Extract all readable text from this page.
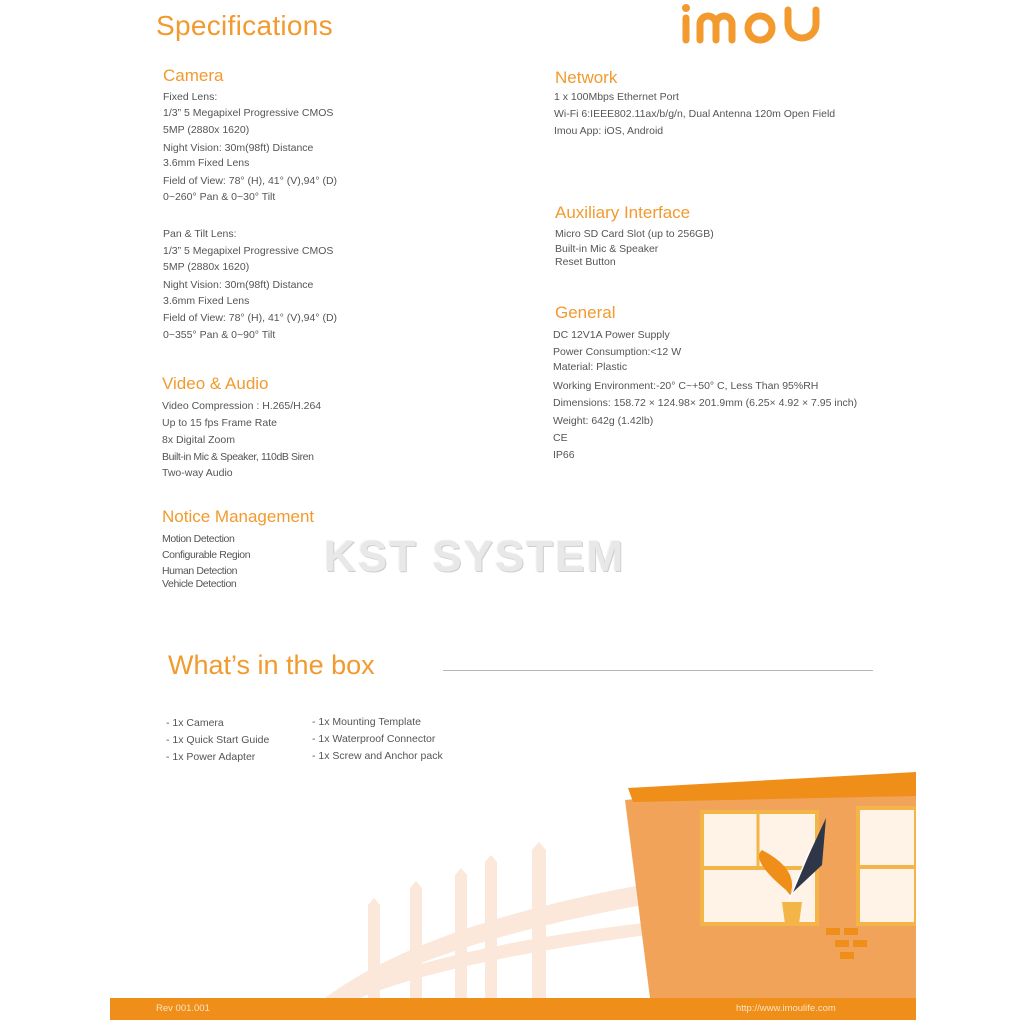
Specifications
Camera
Fixed Lens:
1/3” 5 Megapixel Progressive CMOS
5MP (2880x 1620)
Night Vision: 30m(98ft) Distance
3.6mm Fixed Lens
Field of View: 78° (H), 41° (V),94° (D)
0~260° Pan & 0~30° Tilt
Pan & Tilt Lens:
1/3” 5 Megapixel Progressive CMOS
5MP (2880x 1620)
Night Vision: 30m(98ft) Distance
3.6mm Fixed Lens
Field of View: 78° (H), 41° (V),94° (D)
0~355° Pan & 0~90° Tilt
Video & Audio
Video Compression : H.265/H.264
Up to 15 fps Frame Rate
8x Digital Zoom
Built-in Mic & Speaker, 110dB Siren
Two-way Audio
Notice Management
Motion Detection
Configurable Region
Human Detection
Vehicle Detection
Network
1 x 100Mbps Ethernet Port
Wi-Fi 6:IEEE802.11ax/b/g/n, Dual Antenna 120m Open Field
Imou App: iOS, Android
Auxiliary Interface
Micro SD Card Slot (up to 256GB)
Built-in Mic & Speaker
Reset Button
General
DC 12V1A Power Supply
Power Consumption:<12 W
Material: Plastic
Working Environment:-20° C~+50° C, Less Than 95%RH
Dimensions: 158.72 × 124.98× 201.9mm (6.25× 4.92 × 7.95 inch)
Weight: 642g (1.42lb)
CE
IP66
KST SYSTEM
What’s in the box
- 1x Camera
- 1x Quick Start Guide
- 1x Power Adapter
- 1x Mounting Template
- 1x Waterproof Connector
- 1x Screw and Anchor pack
Rev 001.001	http://www.imoulife.com
